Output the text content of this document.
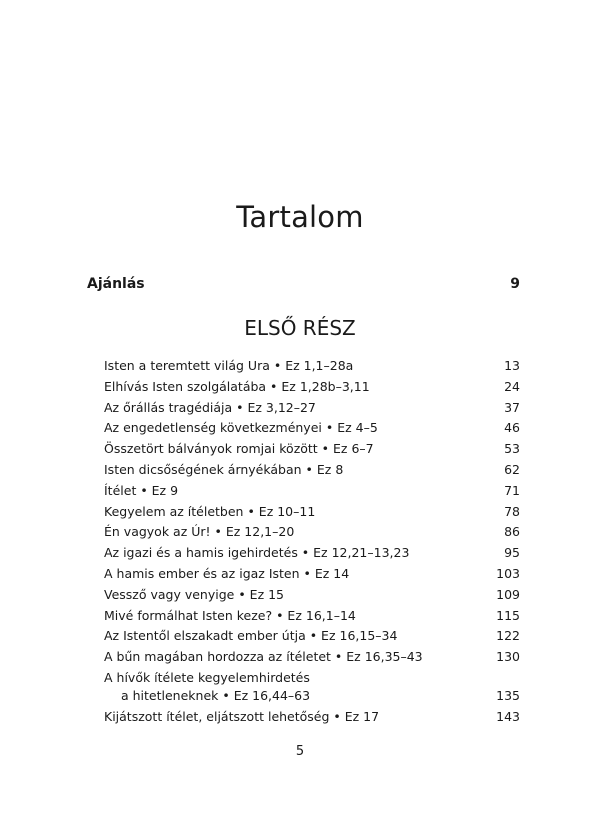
Tartalom
Ajánlás	9
ELSŐ RÉSZ
Isten a teremtett világ Ura • Ez 1,1–28a	13
Elhívás Isten szolgálatába • Ez 1,28b–3,11	24
Az őrállás tragédiája • Ez 3,12–27	37
Az engedetlenség következményei • Ez 4–5	46
Összetört bálványok romjai között • Ez 6–7	53
Isten dicsőségének árnyékában • Ez 8	62
Ítélet • Ez 9	71
Kegyelem az ítéletben • Ez 10–11	78
Én vagyok az Úr! • Ez 12,1–20	86
Az igazi és a hamis igehirdetés • Ez 12,21–13,23	95
A hamis ember és az igaz Isten • Ez 14	103
Vessző vagy venyige • Ez 15	109
Mivé formálhat Isten keze? • Ez 16,1–14	115
Az Istentől elszakadt ember útja • Ez 16,15–34	122
A bűn magában hordozza az ítéletet • Ez 16,35–43	130
A hívők ítélete kegyelemhirdetés
a hitetleneknek • Ez 16,44–63	135
Kijátszott ítélet, eljátszott lehetőség • Ez 17	143
5
